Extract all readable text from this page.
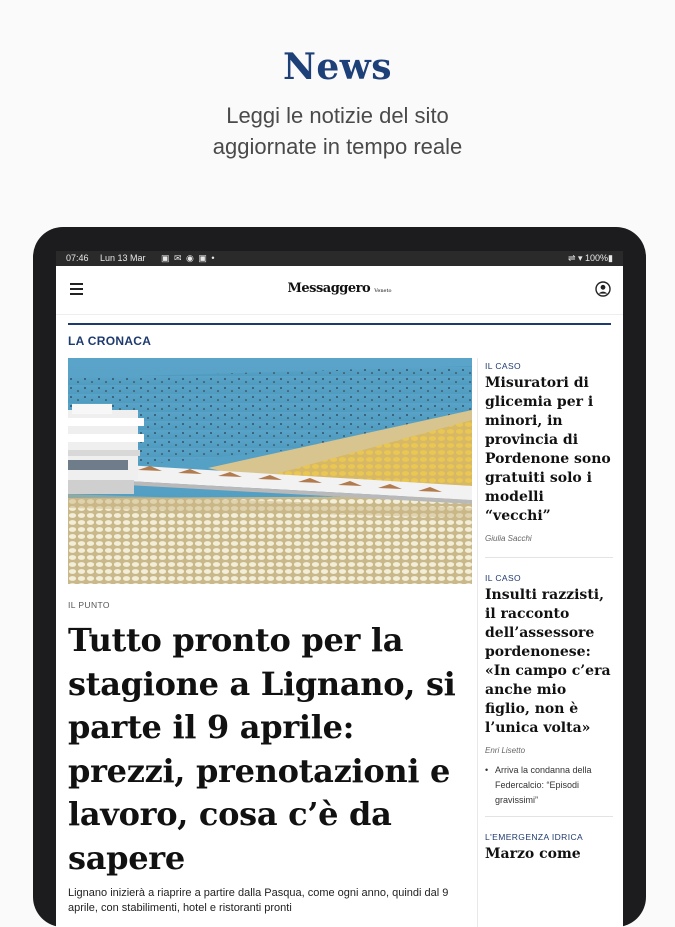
News
Leggi le notizie del sito
aggiornate in tempo reale
07:46 Lun 13 Mar ▣ ✉ ◉ ▣ •	⇌ ▾ 100%▮
Messaggero Veneto
LA CRONACA
IL PUNTO
Tutto pronto per la stagione a Lignano, si parte il 9 aprile: prezzi, prenotazioni e lavoro, cosa c’è da sapere
Lignano inizierà a riaprire a partire dalla Pasqua, come ogni anno, quindi dal 9 aprile, con stabilimenti, hotel e ristoranti pronti
IL CASO
Misuratori di glicemia per i minori, in provincia di Pordenone sono gratuiti solo i modelli “vecchi”
Giulia Sacchi
IL CASO
Insulti razzisti, il racconto dell’assessore pordenonese: «In campo c’era anche mio figlio, non è l’unica volta»
Enri Lisetto
• Arriva la condanna della Federcalcio: “Episodi gravissimi”
L'EMERGENZA IDRICA
Marzo come
